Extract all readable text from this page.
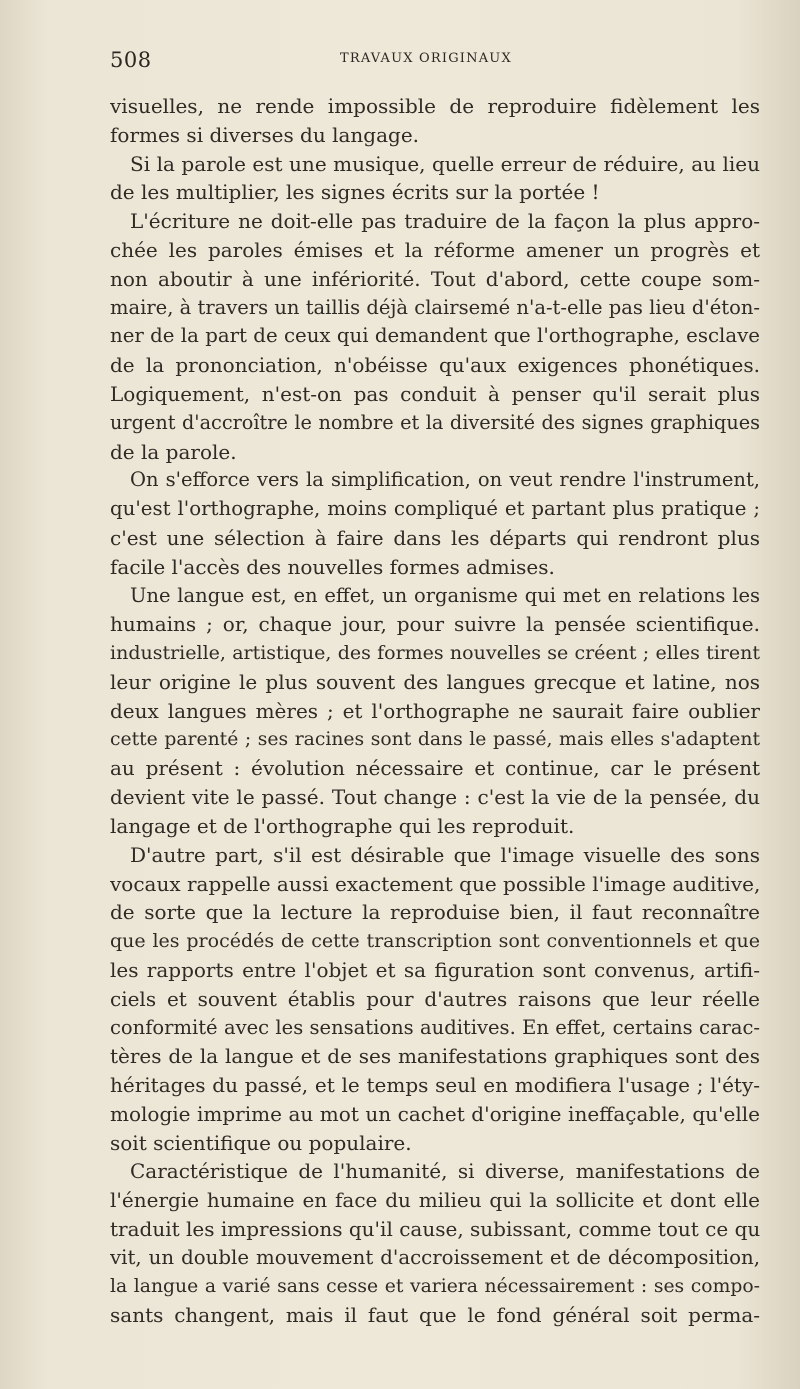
508	TRAVAUX ORIGINAUX
visuelles, ne rende impossible de reproduire fidèlement les
formes si diverses du langage.
Si la parole est une musique, quelle erreur de réduire, au lieu
de les multiplier, les signes écrits sur la portée !
L'écriture ne doit-elle pas traduire de la façon la plus appro-
chée les paroles émises et la réforme amener un progrès et
non aboutir à une infériorité. Tout d'abord, cette coupe som-
maire, à travers un taillis déjà clairsemé n'a-t-elle pas lieu d'éton-
ner de la part de ceux qui demandent que l'orthographe, esclave
de la prononciation, n'obéisse qu'aux exigences phonétiques.
Logiquement, n'est-on pas conduit à penser qu'il serait plus
urgent d'accroître le nombre et la diversité des signes graphiques
de la parole.
On s'efforce vers la simplification, on veut rendre l'instrument,
qu'est l'orthographe, moins compliqué et partant plus pratique ;
c'est une sélection à faire dans les départs qui rendront plus
facile l'accès des nouvelles formes admises.
Une langue est, en effet, un organisme qui met en relations les
humains ; or, chaque jour, pour suivre la pensée scientifique.
industrielle, artistique, des formes nouvelles se créent ; elles tirent
leur origine le plus souvent des langues grecque et latine, nos
deux langues mères ; et l'orthographe ne saurait faire oublier
cette parenté ; ses racines sont dans le passé, mais elles s'adaptent
au présent : évolution nécessaire et continue, car le présent
devient vite le passé. Tout change : c'est la vie de la pensée, du
langage et de l'orthographe qui les reproduit.
D'autre part, s'il est désirable que l'image visuelle des sons
vocaux rappelle aussi exactement que possible l'image auditive,
de sorte que la lecture la reproduise bien, il faut reconnaître
que les procédés de cette transcription sont conventionnels et que
les rapports entre l'objet et sa figuration sont convenus, artifi-
ciels et souvent établis pour d'autres raisons que leur réelle
conformité avec les sensations auditives. En effet, certains carac-
tères de la langue et de ses manifestations graphiques sont des
héritages du passé, et le temps seul en modifiera l'usage ; l'éty-
mologie imprime au mot un cachet d'origine ineffaçable, qu'elle
soit scientifique ou populaire.
Caractéristique de l'humanité, si diverse, manifestations de
l'énergie humaine en face du milieu qui la sollicite et dont elle
traduit les impressions qu'il cause, subissant, comme tout ce qu
vit, un double mouvement d'accroissement et de décomposition,
la langue a varié sans cesse et variera nécessairement : ses compo-
sants changent, mais il faut que le fond général soit perma-
